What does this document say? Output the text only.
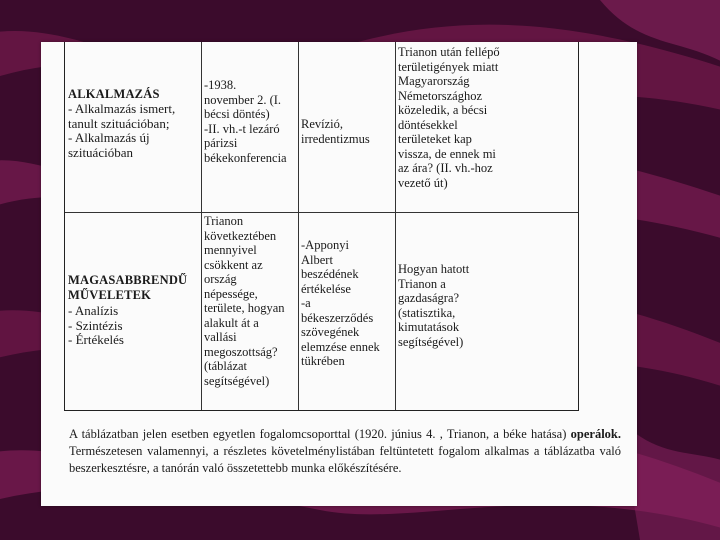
ALKALMAZÁS
- Alkalmazás ismert,
tanult szituációban;
- Alkalmazás új
szituációban
-1938.
november 2. (I.
bécsi döntés)
-II. vh.-t lezáró
párizsi
békekonferencia
Revízió,
irredentizmus
Trianon után fellépő
területigények miatt
Magyarország
Németországhoz
közeledik, a bécsi
döntésekkel
területeket kap
vissza, de ennek mi
az ára? (II. vh.-hoz
vezető út)
MAGASABBRENDŰ
MŰVELETEK
- Analízis
- Szintézis
- Értékelés
Trianon
következtében
mennyivel
csökkent az
ország
népessége,
területe, hogyan
alakult át a
vallási
megoszottság?
(táblázat
segítségével)
-Apponyi
Albert
beszédének
értékelése
-a
békeszerződés
szövegének
elemzése ennek
tükrében
Hogyan hatott
Trianon a
gazdaságra?
(statisztika,
kimutatások
segítségével)
A táblázatban jelen esetben egyetlen fogalomcsoporttal (1920. június 4. , Trianon, a béke hatása) operálok. Természetesen valamennyi, a részletes követelménylistában feltüntetett fogalom alkalmas a táblázatba való beszerkesztésre, a tanórán való összetettebb munka előkészítésére.
